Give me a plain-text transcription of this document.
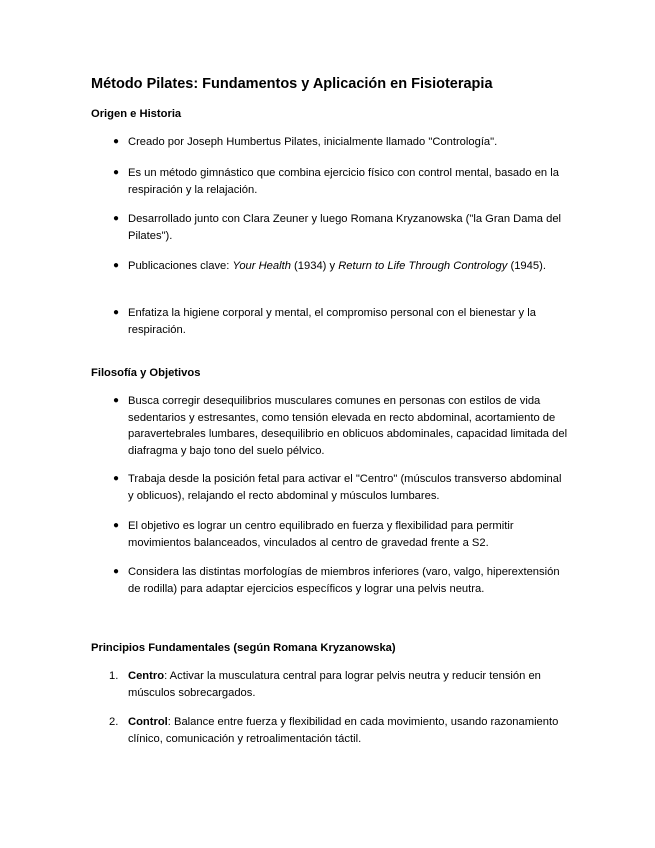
Método Pilates: Fundamentos y Aplicación en Fisioterapia
Origen e Historia
● Creado por Joseph Humbertus Pilates, inicialmente llamado "Contrología".
● Es un método gimnástico que combina ejercicio físico con control mental, basado en la respiración y la relajación.
● Desarrollado junto con Clara Zeuner y luego Romana Kryzanowska ("la Gran Dama del Pilates").
● Publicaciones clave: Your Health (1934) y Return to Life Through Contrology (1945).
● Enfatiza la higiene corporal y mental, el compromiso personal con el bienestar y la respiración.
Filosofía y Objetivos
● Busca corregir desequilibrios musculares comunes en personas con estilos de vida sedentarios y estresantes, como tensión elevada en recto abdominal, acortamiento de paravertebrales lumbares, desequilibrio en oblicuos abdominales, capacidad limitada del diafragma y bajo tono del suelo pélvico.
● Trabaja desde la posición fetal para activar el "Centro" (músculos transverso abdominal y oblicuos), relajando el recto abdominal y músculos lumbares.
● El objetivo es lograr un centro equilibrado en fuerza y flexibilidad para permitir movimientos balanceados, vinculados al centro de gravedad frente a S2.
● Considera las distintas morfologías de miembros inferiores (varo, valgo, hiperextensión de rodilla) para adaptar ejercicios específicos y lograr una pelvis neutra.
Principios Fundamentales (según Romana Kryzanowska)
1. Centro: Activar la musculatura central para lograr pelvis neutra y reducir tensión en músculos sobrecargados.
2. Control: Balance entre fuerza y flexibilidad en cada movimiento, usando razonamiento clínico, comunicación y retroalimentación táctil.
